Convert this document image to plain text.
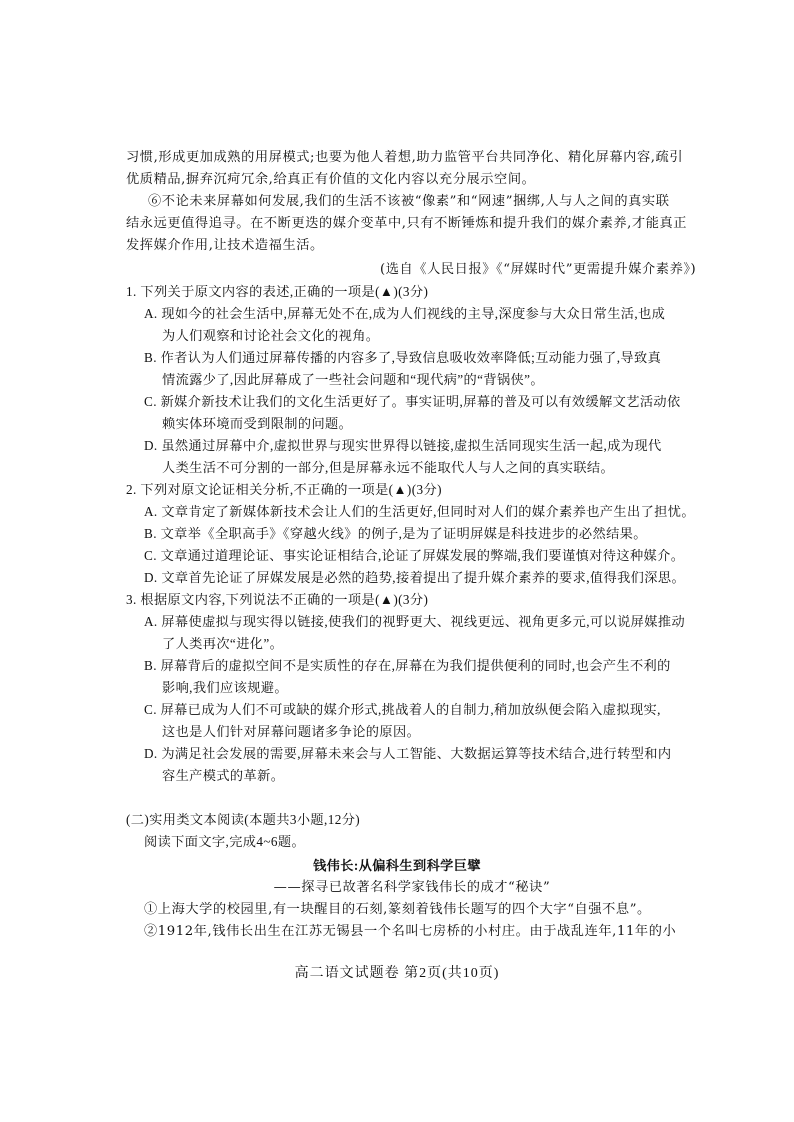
习惯,形成更加成熟的用屏模式;也要为他人着想,助力监管平台共同净化、精化屏幕内容,疏引
优质精品,摒弃沉疴冗余,给真正有价值的文化内容以充分展示空间。
⑥不论未来屏幕如何发展,我们的生活不该被“像素”和“网速”捆绑,人与人之间的真实联
结永远更值得追寻。在不断更迭的媒介变革中,只有不断锤炼和提升我们的媒介素养,才能真正
发挥媒介作用,让技术造福生活。
(选自《人民日报》《“屏媒时代”更需提升媒介素养》)
1. 下列关于原文内容的表述,正确的一项是(▲)(3分)
A. 现如今的社会生活中,屏幕无处不在,成为人们视线的主导,深度参与大众日常生活,也成
为人们观察和讨论社会文化的视角。
B. 作者认为人们通过屏幕传播的内容多了,导致信息吸收效率降低;互动能力强了,导致真
情流露少了,因此屏幕成了一些社会问题和“现代病”的“背锅侠”。
C. 新媒介新技术让我们的文化生活更好了。事实证明,屏幕的普及可以有效缓解文艺活动依
赖实体环境而受到限制的问题。
D. 虽然通过屏幕中介,虚拟世界与现实世界得以链接,虚拟生活同现实生活一起,成为现代
人类生活不可分割的一部分,但是屏幕永远不能取代人与人之间的真实联结。
2. 下列对原文论证相关分析,不正确的一项是(▲)(3分)
A. 文章肯定了新媒体新技术会让人们的生活更好,但同时对人们的媒介素养也产生出了担忧。
B. 文章举《全职高手》《穿越火线》的例子,是为了证明屏媒是科技进步的必然结果。
C. 文章通过道理论证、事实论证相结合,论证了屏媒发展的弊端,我们要谨慎对待这种媒介。
D. 文章首先论证了屏媒发展是必然的趋势,接着提出了提升媒介素养的要求,值得我们深思。
3. 根据原文内容,下列说法不正确的一项是(▲)(3分)
A. 屏幕使虚拟与现实得以链接,使我们的视野更大、视线更远、视角更多元,可以说屏媒推动
了人类再次“进化”。
B. 屏幕背后的虚拟空间不是实质性的存在,屏幕在为我们提供便利的同时,也会产生不利的
影响,我们应该规避。
C. 屏幕已成为人们不可或缺的媒介形式,挑战着人的自制力,稍加放纵便会陷入虚拟现实,
这也是人们针对屏幕问题诸多争论的原因。
D. 为满足社会发展的需要,屏幕未来会与人工智能、大数据运算等技术结合,进行转型和内
容生产模式的革新。
(二)实用类文本阅读(本题共3小题,12分)
阅读下面文字,完成4~6题。
钱伟长:从偏科生到科学巨擘
——探寻已故著名科学家钱伟长的成才“秘诀”
①上海大学的校园里,有一块醒目的石刻,篆刻着钱伟长题写的四个大字“自强不息”。
②1912年,钱伟长出生在江苏无锡县一个名叫七房桥的小村庄。由于战乱连年,11年的小
高二语文试题卷 第2页(共10页)
